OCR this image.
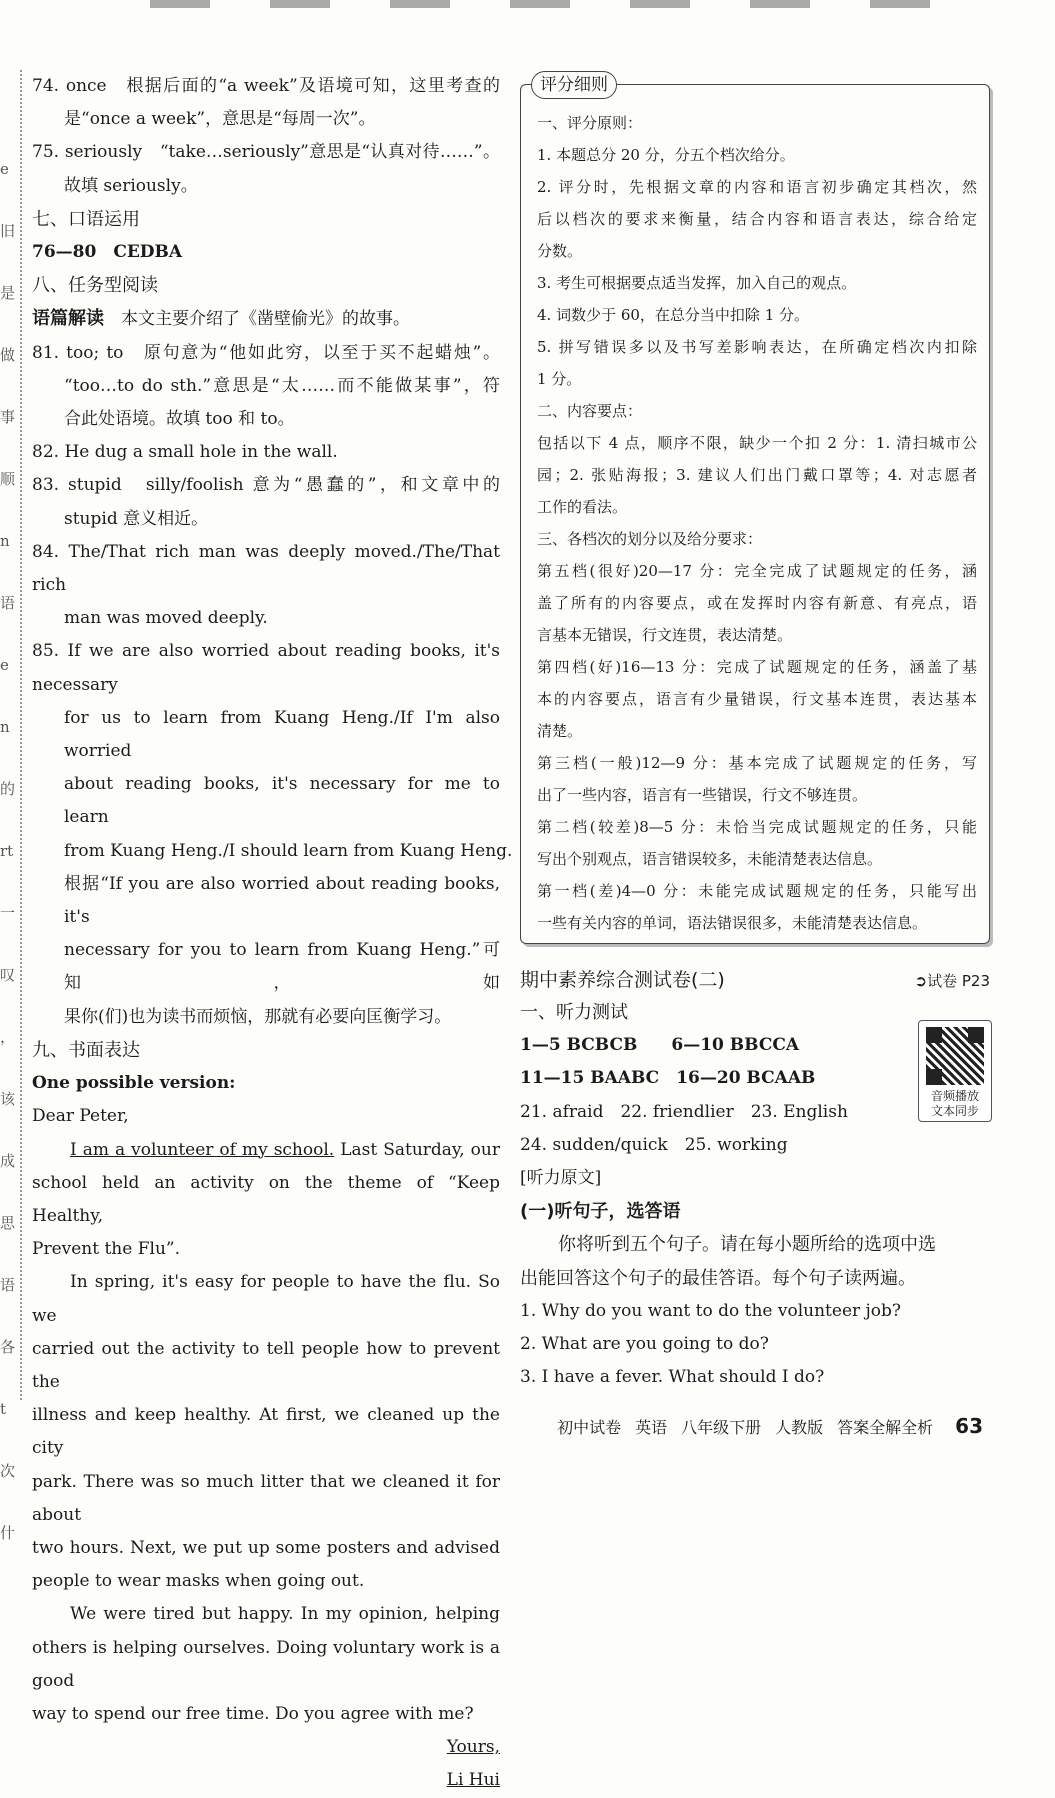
e
旧
是
做
事
顺
n
语
e
n
的
rt
一
叹
，
该
成
思
语
各
t
次
什
74. once　根据后面的“a week”及语境可知，这里考查的
是“once a week”，意思是“每周一次”。
75. seriously　“take…seriously”意思是“认真对待……”。
故填 seriously。
七、口语运用
76—80　CEDBA
八、任务型阅读
语篇解读　本文主要介绍了《凿壁偷光》的故事。
81. too; to　原句意为“他如此穷，以至于买不起蜡烛”。
“too…to do sth.”意思是“太……而不能做某事”，符
合此处语境。故填 too 和 to。
82. He dug a small hole in the wall.
83. stupid　silly/foolish 意为“愚蠢的”，和文章中的
stupid 意义相近。
84. The/That rich man was deeply moved./The/That rich
man was moved deeply.
85. If we are also worried about reading books, it's necessary
for us to learn from Kuang Heng./If I'm also worried
about reading books, it's necessary for me to learn
from Kuang Heng./I should learn from Kuang Heng.
根据“If you are also worried about reading books, it's
necessary for you to learn from Kuang Heng.”可知，如
果你(们)也为读书而烦恼，那就有必要向匡衡学习。
九、书面表达
One possible version:
Dear Peter,
I am a volunteer of my school. Last Saturday, our
school held an activity on the theme of “Keep Healthy,
Prevent the Flu”.
In spring, it's easy for people to have the flu. So we
carried out the activity to tell people how to prevent the
illness and keep healthy. At first, we cleaned up the city
park. There was so much litter that we cleaned it for about
two hours. Next, we put up some posters and advised
people to wear masks when going out.
We were tired but happy. In my opinion, helping
others is helping ourselves. Doing voluntary work is a good
way to spend our free time. Do you agree with me?
Yours,
Li Hui
评分细则
一、评分原则：
1. 本题总分 20 分，分五个档次给分。
2. 评分时，先根据文章的内容和语言初步确定其档次，然
后以档次的要求来衡量，结合内容和语言表达，综合给定
分数。
3. 考生可根据要点适当发挥，加入自己的观点。
4. 词数少于 60，在总分当中扣除 1 分。
5. 拼写错误多以及书写差影响表达，在所确定档次内扣除
1 分。
二、内容要点：
包括以下 4 点，顺序不限，缺少一个扣 2 分：1. 清扫城市公
园；2. 张贴海报；3. 建议人们出门戴口罩等；4. 对志愿者
工作的看法。
三、各档次的划分以及给分要求：
第五档(很好)20—17 分：完全完成了试题规定的任务，涵
盖了所有的内容要点，或在发挥时内容有新意、有亮点，语
言基本无错误，行文连贯，表达清楚。
第四档(好)16—13 分：完成了试题规定的任务，涵盖了基
本的内容要点，语言有少量错误，行文基本连贯，表达基本
清楚。
第三档(一般)12—9 分：基本完成了试题规定的任务，写
出了一些内容，语言有一些错误，行文不够连贯。
第二档(较差)8—5 分：未恰当完成试题规定的任务，只能
写出个别观点，语言错误较多，未能清楚表达信息。
第一档(差)4—0 分：未能完成试题规定的任务，只能写出
一些有关内容的单词，语法错误很多，未能清楚表达信息。
期中素养综合测试卷(二)	➲试卷 P23
一、听力测试
1—5 BCBCB　　 6—10 BBCCA
11—15 BAABC　 16—20 BCAAB
21. afraid　22. friendlier　23. English
24. sudden/quick　25. working
[听力原文]
(一)听句子，选答语
你将听到五个句子。请在每小题所给的选项中选
出能回答这个句子的最佳答语。每个句子读两遍。
1. Why do you want to do the volunteer job?
2. What are you going to do?
3. I have a fever. What should I do?
音频播放
文本同步
初中试卷 英语 八年级下册 人教版 答案全解全析 63
